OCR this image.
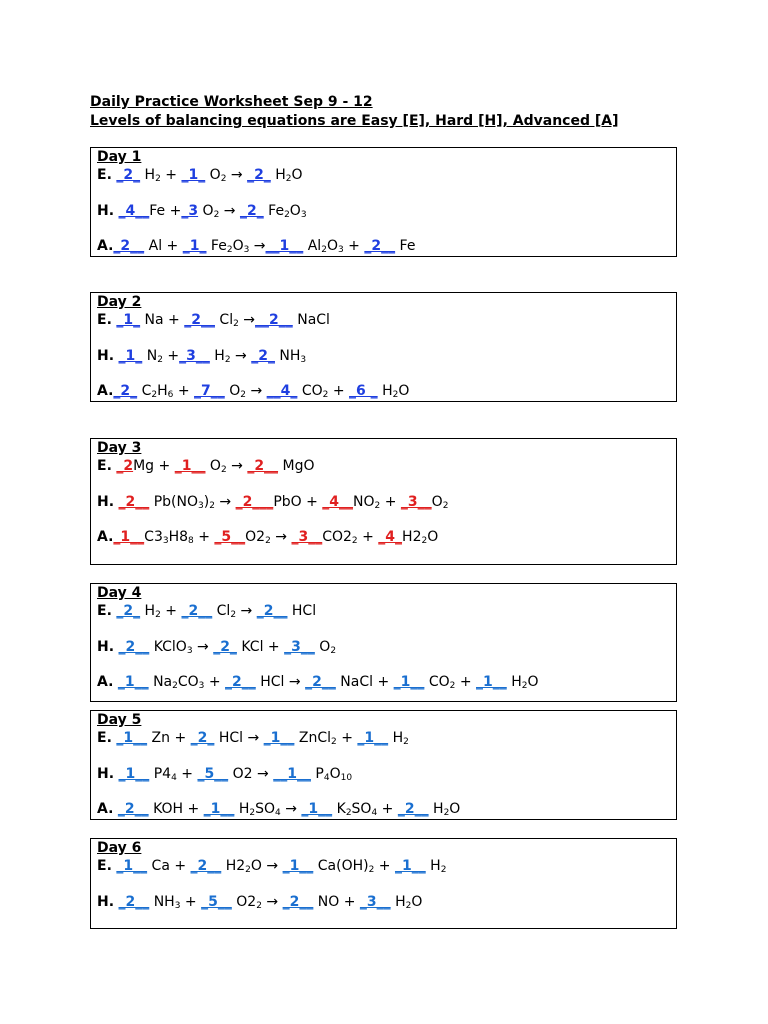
Daily Practice Worksheet Sep 9 - 12
Levels of balancing equations are Easy [E], Hard [H], Advanced [A]
Day 1
E. _2_ $H_2$ + _1_ $O_2$ → _2_ $H_2O$
H. _4__Fe +_3 $O_2$ → _2_ $Fe_2O_3$
A._2__ Al + _1_ $Fe_2O_3$ →__1__ $Al_2O_3$ + _2__ Fe
Day 2
E. _1_ Na + _2__ $Cl_2$ →__2__ NaCl
H. _1_ $N_2$ +_3__ $H_2$ → _2_ $NH_3$
A._2_ $C_2H_6$ + _7__ $O_2$ → __4_ $CO_2$ + _6 _ $H_2O$
Day 3
E. _2Mg + _1__ $O_2$ → _2__ MgO
H. _2__ $Pb(NO_3)_2$ → _2___PbO + $\_4\_\_NO_2$ + $\_3\_\_O_2$
$A.\_1\_\_C3_3H8_8$ + $\_5\_\_O2_2$ → $\_3\_\_CO2_2$ + $\_4\_H2_2O$
Day 4
E. _2_ $H_2$ + _2__ $Cl_2$ → _2__ HCl
H. _2__ KClO$_3$ → _2_ KCl + _3__ $O_2$
A. _1__ $Na_2CO_3$ + _2__ HCl → _2__ NaCl + _1__ $CO_2$ + _1__ $H_2O$
Day 5
E. _1__ Zn + _2_ HCl → _1__ ZnCl$_2$ + _1__ $H_2$
H. _1__ $P4_4$ + _5__ O2 → __1__ $P_4O_{10}$
A. _2__ KOH + _1__ $H_2SO_4$ → _1__ $K_2SO_4$ + _2__ $H_2O$
Day 6
E. _1__ Ca + _2__ $H2_2O$ → _1__ $Ca(OH)_2$ + _1__ $H_2$
H. _2__ $NH_3$ + _5__ $O2_2$ → _2__ NO + _3__ $H_2O$
